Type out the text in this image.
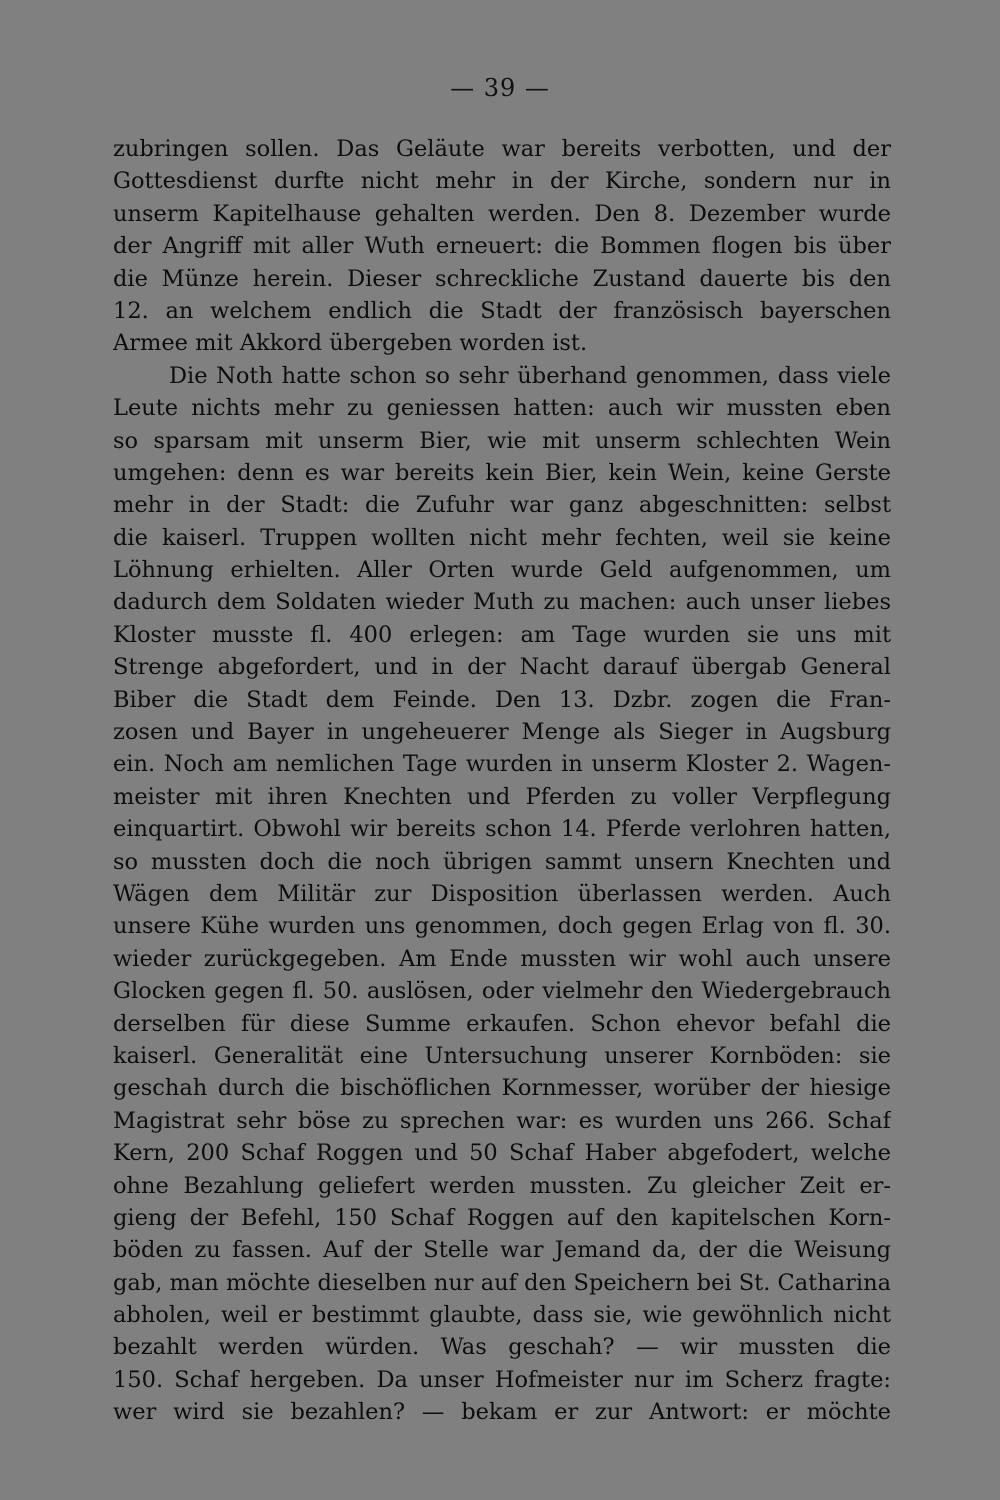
— 39 —
zubringen sollen. Das Geläute war bereits verbotten, und der
Gottesdienst durfte nicht mehr in der Kirche, sondern nur in
unserm Kapitelhause gehalten werden. Den 8. Dezember wurde
der Angriff mit aller Wuth erneuert: die Bommen flogen bis über
die Münze herein. Dieser schreckliche Zustand dauerte bis den
12. an welchem endlich die Stadt der französisch bayerschen
Armee mit Akkord übergeben worden ist.
Die Noth hatte schon so sehr überhand genommen, dass viele
Leute nichts mehr zu geniessen hatten: auch wir mussten eben
so sparsam mit unserm Bier, wie mit unserm schlechten Wein
umgehen: denn es war bereits kein Bier, kein Wein, keine Gerste
mehr in der Stadt: die Zufuhr war ganz abgeschnitten: selbst
die kaiserl. Truppen wollten nicht mehr fechten, weil sie keine
Löhnung erhielten. Aller Orten wurde Geld aufgenommen, um
dadurch dem Soldaten wieder Muth zu machen: auch unser liebes
Kloster musste fl. 400 erlegen: am Tage wurden sie uns mit
Strenge abgefordert, und in der Nacht darauf übergab General
Biber die Stadt dem Feinde. Den 13. Dzbr. zogen die Fran-
zosen und Bayer in ungeheuerer Menge als Sieger in Augsburg
ein. Noch am nemlichen Tage wurden in unserm Kloster 2. Wagen-
meister mit ihren Knechten und Pferden zu voller Verpflegung
einquartirt. Obwohl wir bereits schon 14. Pferde verlohren hatten,
so mussten doch die noch übrigen sammt unsern Knechten und
Wägen dem Militär zur Disposition überlassen werden. Auch
unsere Kühe wurden uns genommen, doch gegen Erlag von fl. 30.
wieder zurückgegeben. Am Ende mussten wir wohl auch unsere
Glocken gegen fl. 50. auslösen, oder vielmehr den Wiedergebrauch
derselben für diese Summe erkaufen. Schon ehevor befahl die
kaiserl. Generalität eine Untersuchung unserer Kornböden: sie
geschah durch die bischöflichen Kornmesser, worüber der hiesige
Magistrat sehr böse zu sprechen war: es wurden uns 266. Schaf
Kern, 200 Schaf Roggen und 50 Schaf Haber abgefodert, welche
ohne Bezahlung geliefert werden mussten. Zu gleicher Zeit er-
gieng der Befehl, 150 Schaf Roggen auf den kapitelschen Korn-
böden zu fassen. Auf der Stelle war Jemand da, der die Weisung
gab, man möchte dieselben nur auf den Speichern bei St. Catharina
abholen, weil er bestimmt glaubte, dass sie, wie gewöhnlich nicht
bezahlt werden würden. Was geschah? — wir mussten die
150. Schaf hergeben. Da unser Hofmeister nur im Scherz fragte:
wer wird sie bezahlen? — bekam er zur Antwort: er möchte
